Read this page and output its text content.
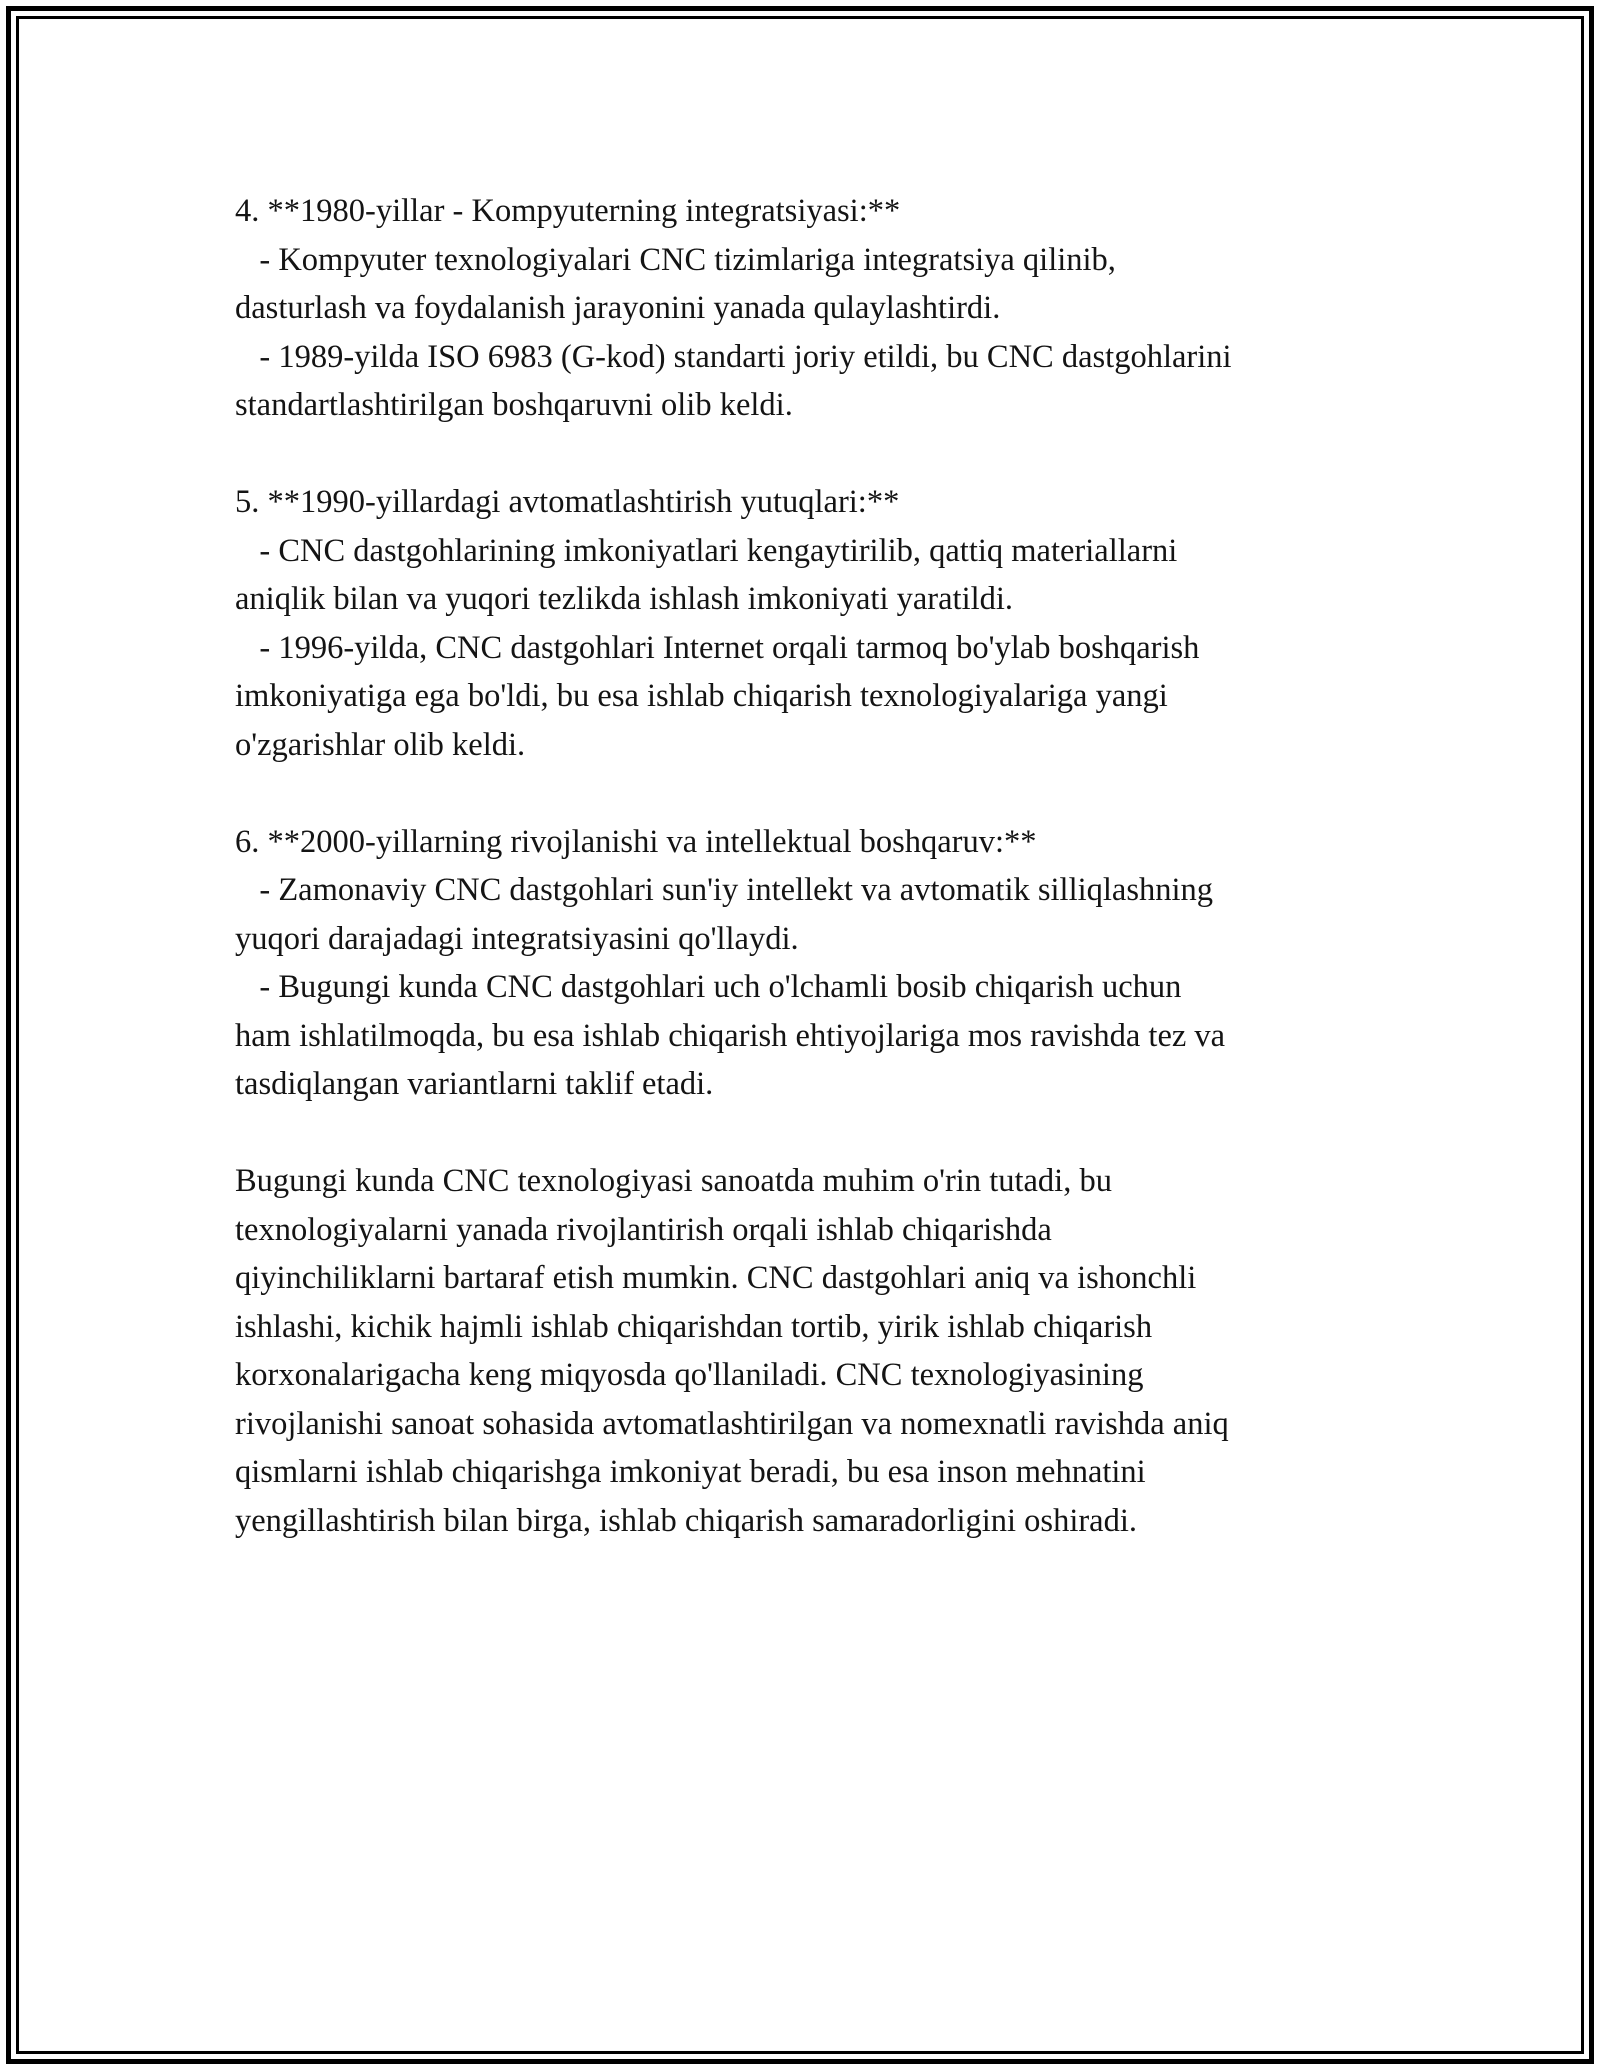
4. **1980-yillar - Kompyuterning integratsiyasi:**
- Kompyuter texnologiyalari CNC tizimlariga integratsiya qilinib,
dasturlash va foydalanish jarayonini yanada qulaylashtirdi.
- 1989-yilda ISO 6983 (G-kod) standarti joriy etildi, bu CNC dastgohlarini
standartlashtirilgan boshqaruvni olib keldi.
5. **1990-yillardagi avtomatlashtirish yutuqlari:**
- CNC dastgohlarining imkoniyatlari kengaytirilib, qattiq materiallarni
aniqlik bilan va yuqori tezlikda ishlash imkoniyati yaratildi.
- 1996-yilda, CNC dastgohlari Internet orqali tarmoq bo'ylab boshqarish
imkoniyatiga ega bo'ldi, bu esa ishlab chiqarish texnologiyalariga yangi
o'zgarishlar olib keldi.
6. **2000-yillarning rivojlanishi va intellektual boshqaruv:**
- Zamonaviy CNC dastgohlari sun'iy intellekt va avtomatik silliqlashning
yuqori darajadagi integratsiyasini qo'llaydi.
- Bugungi kunda CNC dastgohlari uch o'lchamli bosib chiqarish uchun
ham ishlatilmoqda, bu esa ishlab chiqarish ehtiyojlariga mos ravishda tez va
tasdiqlangan variantlarni taklif etadi.
Bugungi kunda CNC texnologiyasi sanoatda muhim o'rin tutadi, bu
texnologiyalarni yanada rivojlantirish orqali ishlab chiqarishda
qiyinchiliklarni bartaraf etish mumkin. CNC dastgohlari aniq va ishonchli
ishlashi, kichik hajmli ishlab chiqarishdan tortib, yirik ishlab chiqarish
korxonalarigacha keng miqyosda qo'llaniladi. CNC texnologiyasining
rivojlanishi sanoat sohasida avtomatlashtirilgan va nomexnatli ravishda aniq
qismlarni ishlab chiqarishga imkoniyat beradi, bu esa inson mehnatini
yengillashtirish bilan birga, ishlab chiqarish samaradorligini oshiradi.
